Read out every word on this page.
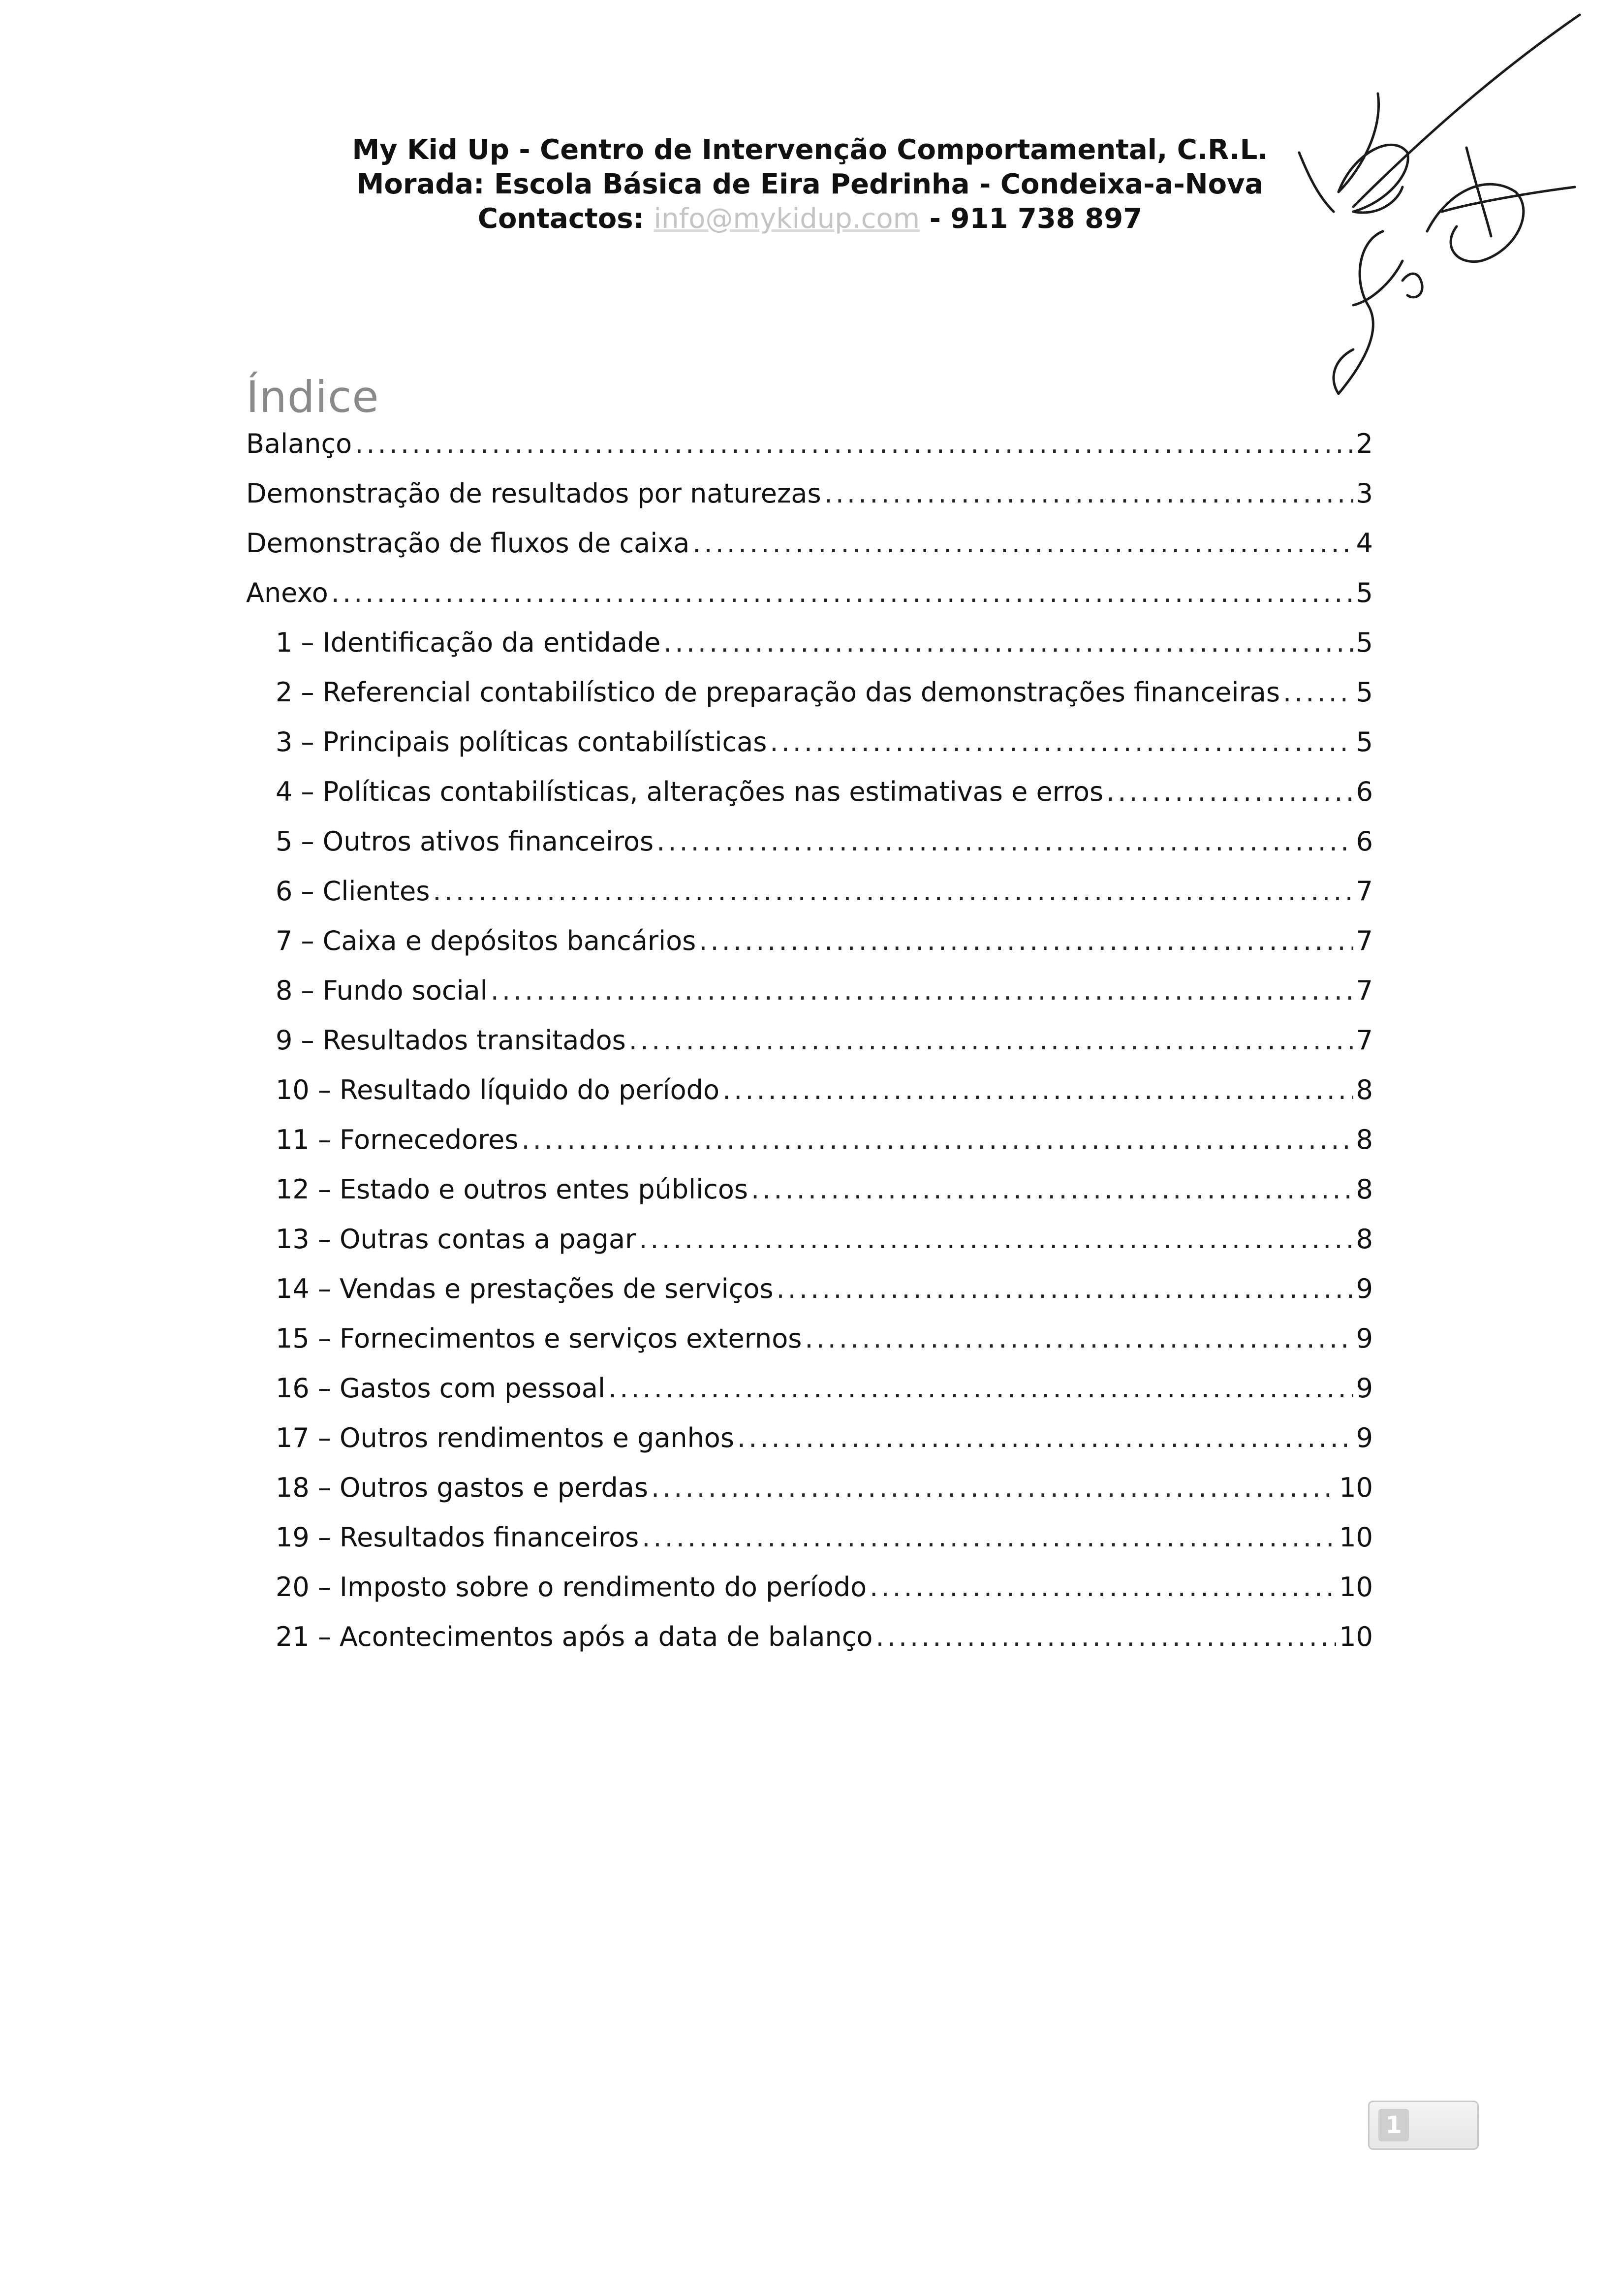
My Kid Up - Centro de Intervenção Comportamental, C.R.L.
Morada: Escola Básica de Eira Pedrinha - Condeixa-a-Nova
Contactos: info@mykidup.com - 911 738 897
Índice
Balanço .....	2
Demonstração de resultados por naturezas .....	3
Demonstração de fluxos de caixa .....	4
Anexo .....	5
1 – Identificação da entidade .....	5
2 – Referencial contabilístico de preparação das demonstrações financeiras .....	5
3 – Principais políticas contabilísticas .....	5
4 – Políticas contabilísticas, alterações nas estimativas e erros .....	6
5 – Outros ativos financeiros .....	6
6 – Clientes .....	7
7 – Caixa e depósitos bancários .....	7
8 – Fundo social .....	7
9 – Resultados transitados .....	7
10 – Resultado líquido do período .....	8
11 – Fornecedores .....	8
12 – Estado e outros entes públicos .....	8
13 – Outras contas a pagar .....	8
14 – Vendas e prestações de serviços .....	9
15 – Fornecimentos e serviços externos .....	9
16 – Gastos com pessoal .....	9
17 – Outros rendimentos e ganhos .....	9
18 – Outros gastos e perdas .....	10
19 – Resultados financeiros .....	10
20 – Imposto sobre o rendimento do período .....	10
21 – Acontecimentos após a data de balanço .....	10
1
